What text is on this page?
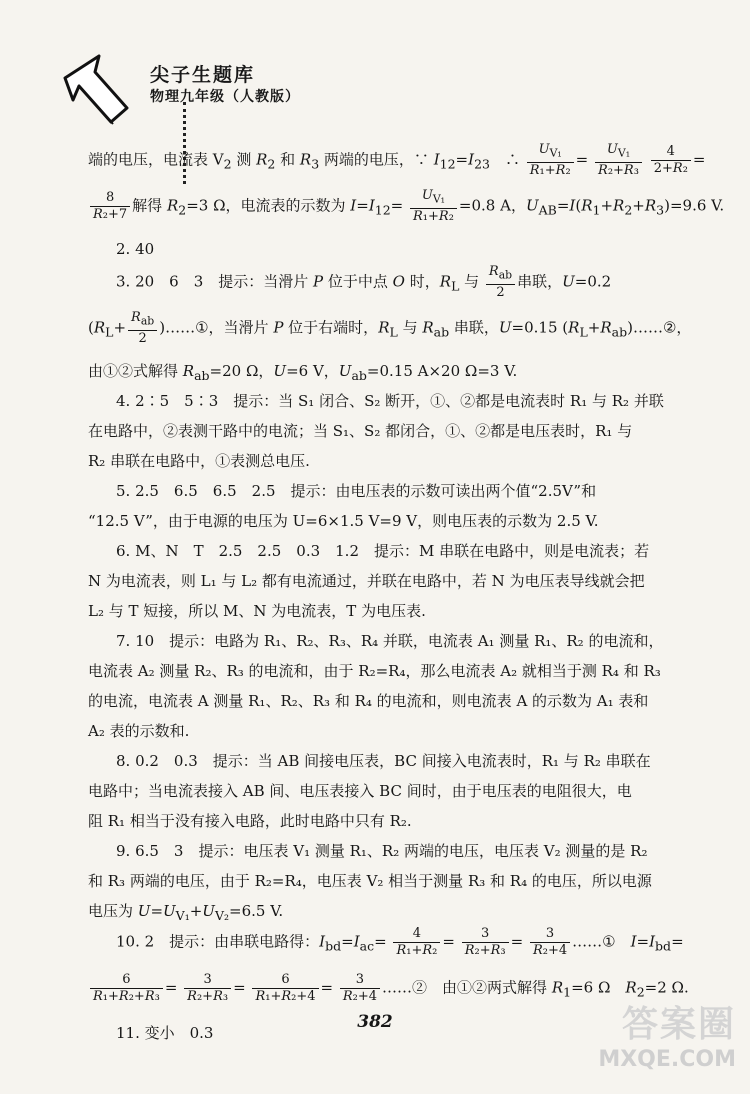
尖子生题库
物理九年级（人教版）
端的电压，电流表 $V_2$ 测 $R_2$ 和 $R_3$ 两端的电压，∵ $I_{12}=I_{23}$　∴ $\frac{U_{V_1}}{\text{R₁+R₂}} = \frac{U_{V_1}}{\text{R₂+R₃}}$
$\frac{4}{\text{2+R₂}}$ =
$\frac{8}{\text{R₂+7}}$ 解得 $R_2=3$ Ω，电流表的示数为 $I=I_{12}= \frac{U_{V_1}}{\text{R₁+R₂}} =0.8$ A，$U_{AB}=I(R_1+R_2+R_3)=9.6$ V.
2. 40
3. 20　6　3　提示：当滑片 P 位于中点 O 时，$R_L$ 与 $\frac{R_{ab}}{2}$ 串联，U=0.2
($R_L+ \frac{R_{ab}}{2}$ )……①，当滑片 P 位于右端时，$R_L$ 与 $R_{ab}$ 串联，U=0.15 $(R_L+R_{ab})\dots\dots ②$，
由①②式解得 $R_{ab}=20$ Ω，U=6 V，$U_{ab}=0.15$ A×20 Ω=3 V.
4. 2∶5　5∶3　提示：当 S₁ 闭合、S₂ 断开，①、②都是电流表时 R₁ 与 R₂ 并联
在电路中，②表测干路中的电流；当 S₁、S₂ 都闭合，①、②都是电压表时，R₁ 与
R₂ 串联在电路中，①表测总电压.
5. 2.5　6.5　6.5　2.5　提示：由电压表的示数可读出两个值“2.5V”和
“12.5 V”，由于电源的电压为 U=6×1.5 V=9 V，则电压表的示数为 2.5 V.
6. M、N　T　2.5　2.5　0.3　1.2　提示：M 串联在电路中，则是电流表；若
N 为电流表，则 L₁ 与 L₂ 都有电流通过，并联在电路中，若 N 为电压表导线就会把
L₂ 与 T 短接，所以 M、N 为电流表，T 为电压表.
7. 10　提示：电路为 R₁、R₂、R₃、R₄ 并联，电流表 A₁ 测量 R₁、R₂ 的电流和，
电流表 A₂ 测量 R₂、R₃ 的电流和，由于 R₂=R₄，那么电流表 A₂ 就相当于测 R₄ 和 R₃
的电流，电流表 A 测量 R₁、R₂、R₃ 和 R₄ 的电流和，则电流表 A 的示数为 A₁ 表和
A₂ 表的示数和.
8. 0.2　0.3　提示：当 AB 间接电压表，BC 间接入电流表时，R₁ 与 R₂ 串联在
电路中；当电流表接入 AB 间、电压表接入 BC 间时，由于电压表的电阻很大，电
阻 R₁ 相当于没有接入电路，此时电路中只有 R₂.
9. 6.5　3　提示：电压表 V₁ 测量 R₁、R₂ 两端的电压，电压表 V₂ 测量的是 R₂
和 R₃ 两端的电压，由于 R₂=R₄，电压表 V₂ 相当于测量 R₃ 和 R₄ 的电压，所以电源
电压为 $U=U_{V_1}+U_{V_2}=6.5$ V.
10. 2　提示：由串联电路得：$I_{bd}=I_{ac}= \frac{4}{\text{R₁+R₂}} = \frac{3}{\text{R₂+R₃}} = \frac{3}{\text{R₂+4}}$ ……①　$I=I_{bd}=$
$\frac{6}{\text{R₁+R₂+R₃}} = \frac{3}{\text{R₂+R₃}} = \frac{6}{\text{R₁+R₂+4}} = \frac{3}{\text{R₂+4}}$ ……②　由①②两式解得 $R_1=6$ Ω　$R_2=2$ Ω.
11. 变小　0.3
382	答案圈
MXQE.COM
